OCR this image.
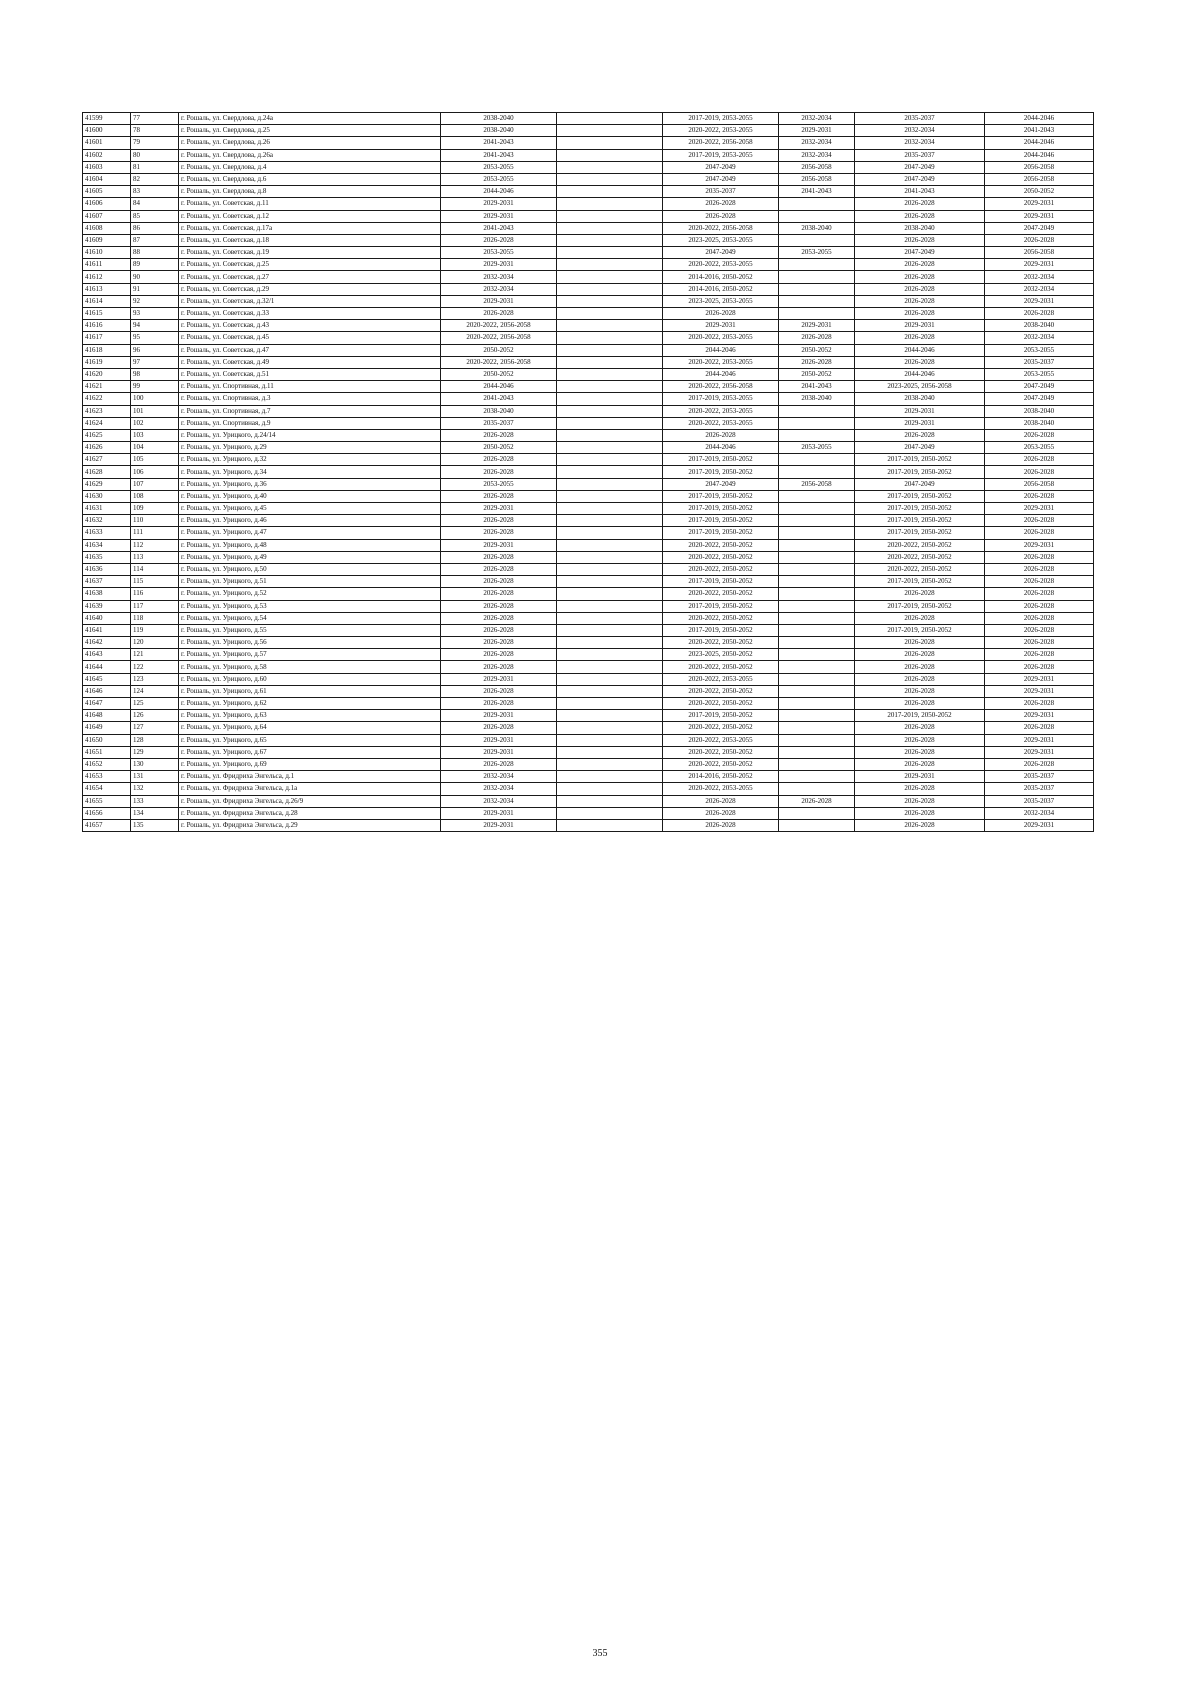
41599	77	г. Рошаль, ул. Свердлова, д.24а	2038-2040		2017-2019, 2053-2055	2032-2034	2035-2037	2044-2046
41600	78	г. Рошаль, ул. Свердлова, д.25	2038-2040		2020-2022, 2053-2055	2029-2031	2032-2034	2041-2043
41601	79	г. Рошаль, ул. Свердлова, д.26	2041-2043		2020-2022, 2056-2058	2032-2034	2032-2034	2044-2046
41602	80	г. Рошаль, ул. Свердлова, д.26а	2041-2043		2017-2019, 2053-2055	2032-2034	2035-2037	2044-2046
41603	81	г. Рошаль, ул. Свердлова, д.4	2053-2055		2047-2049	2056-2058	2047-2049	2056-2058
41604	82	г. Рошаль, ул. Свердлова, д.6	2053-2055		2047-2049	2056-2058	2047-2049	2056-2058
41605	83	г. Рошаль, ул. Свердлова, д.8	2044-2046		2035-2037	2041-2043	2041-2043	2050-2052
41606	84	г. Рошаль, ул. Советская, д.11	2029-2031		2026-2028		2026-2028	2029-2031
41607	85	г. Рошаль, ул. Советская, д.12	2029-2031		2026-2028		2026-2028	2029-2031
41608	86	г. Рошаль, ул. Советская, д.17а	2041-2043		2020-2022, 2056-2058	2038-2040	2038-2040	2047-2049
41609	87	г. Рошаль, ул. Советская, д.18	2026-2028		2023-2025, 2053-2055		2026-2028	2026-2028
41610	88	г. Рошаль, ул. Советская, д.19	2053-2055		2047-2049	2053-2055	2047-2049	2056-2058
41611	89	г. Рошаль, ул. Советская, д.25	2029-2031		2020-2022, 2053-2055		2026-2028	2029-2031
41612	90	г. Рошаль, ул. Советская, д.27	2032-2034		2014-2016, 2050-2052		2026-2028	2032-2034
41613	91	г. Рошаль, ул. Советская, д.29	2032-2034		2014-2016, 2050-2052		2026-2028	2032-2034
41614	92	г. Рошаль, ул. Советская, д.32/1	2029-2031		2023-2025, 2053-2055		2026-2028	2029-2031
41615	93	г. Рошаль, ул. Советская, д.33	2026-2028		2026-2028		2026-2028	2026-2028
41616	94	г. Рошаль, ул. Советская, д.43	2020-2022, 2056-2058		2029-2031	2029-2031	2029-2031	2038-2040
41617	95	г. Рошаль, ул. Советская, д.45	2020-2022, 2056-2058		2020-2022, 2053-2055	2026-2028	2026-2028	2032-2034
41618	96	г. Рошаль, ул. Советская, д.47	2050-2052		2044-2046	2050-2052	2044-2046	2053-2055
41619	97	г. Рошаль, ул. Советская, д.49	2020-2022, 2056-2058		2020-2022, 2053-2055	2026-2028	2026-2028	2035-2037
41620	98	г. Рошаль, ул. Советская, д.51	2050-2052		2044-2046	2050-2052	2044-2046	2053-2055
41621	99	г. Рошаль, ул. Спортивная, д.11	2044-2046		2020-2022, 2056-2058	2041-2043	2023-2025, 2056-2058	2047-2049
41622	100	г. Рошаль, ул. Спортивная, д.3	2041-2043		2017-2019, 2053-2055	2038-2040	2038-2040	2047-2049
41623	101	г. Рошаль, ул. Спортивная, д.7	2038-2040		2020-2022, 2053-2055		2029-2031	2038-2040
41624	102	г. Рошаль, ул. Спортивная, д.9	2035-2037		2020-2022, 2053-2055		2029-2031	2038-2040
41625	103	г. Рошаль, ул. Урицкого, д.24/14	2026-2028		2026-2028		2026-2028	2026-2028
41626	104	г. Рошаль, ул. Урицкого, д.29	2050-2052		2044-2046	2053-2055	2047-2049	2053-2055
41627	105	г. Рошаль, ул. Урицкого, д.32	2026-2028		2017-2019, 2050-2052		2017-2019, 2050-2052	2026-2028
41628	106	г. Рошаль, ул. Урицкого, д.34	2026-2028		2017-2019, 2050-2052		2017-2019, 2050-2052	2026-2028
41629	107	г. Рошаль, ул. Урицкого, д.36	2053-2055		2047-2049	2056-2058	2047-2049	2056-2058
41630	108	г. Рошаль, ул. Урицкого, д.40	2026-2028		2017-2019, 2050-2052		2017-2019, 2050-2052	2026-2028
41631	109	г. Рошаль, ул. Урицкого, д.45	2029-2031		2017-2019, 2050-2052		2017-2019, 2050-2052	2029-2031
41632	110	г. Рошаль, ул. Урицкого, д.46	2026-2028		2017-2019, 2050-2052		2017-2019, 2050-2052	2026-2028
41633	111	г. Рошаль, ул. Урицкого, д.47	2026-2028		2017-2019, 2050-2052		2017-2019, 2050-2052	2026-2028
41634	112	г. Рошаль, ул. Урицкого, д.48	2029-2031		2020-2022, 2050-2052		2020-2022, 2050-2052	2029-2031
41635	113	г. Рошаль, ул. Урицкого, д.49	2026-2028		2020-2022, 2050-2052		2020-2022, 2050-2052	2026-2028
41636	114	г. Рошаль, ул. Урицкого, д.50	2026-2028		2020-2022, 2050-2052		2020-2022, 2050-2052	2026-2028
41637	115	г. Рошаль, ул. Урицкого, д.51	2026-2028		2017-2019, 2050-2052		2017-2019, 2050-2052	2026-2028
41638	116	г. Рошаль, ул. Урицкого, д.52	2026-2028		2020-2022, 2050-2052		2026-2028	2026-2028
41639	117	г. Рошаль, ул. Урицкого, д.53	2026-2028		2017-2019, 2050-2052		2017-2019, 2050-2052	2026-2028
41640	118	г. Рошаль, ул. Урицкого, д.54	2026-2028		2020-2022, 2050-2052		2026-2028	2026-2028
41641	119	г. Рошаль, ул. Урицкого, д.55	2026-2028		2017-2019, 2050-2052		2017-2019, 2050-2052	2026-2028
41642	120	г. Рошаль, ул. Урицкого, д.56	2026-2028		2020-2022, 2050-2052		2026-2028	2026-2028
41643	121	г. Рошаль, ул. Урицкого, д.57	2026-2028		2023-2025, 2050-2052		2026-2028	2026-2028
41644	122	г. Рошаль, ул. Урицкого, д.58	2026-2028		2020-2022, 2050-2052		2026-2028	2026-2028
41645	123	г. Рошаль, ул. Урицкого, д.60	2029-2031		2020-2022, 2053-2055		2026-2028	2029-2031
41646	124	г. Рошаль, ул. Урицкого, д.61	2026-2028		2020-2022, 2050-2052		2026-2028	2029-2031
41647	125	г. Рошаль, ул. Урицкого, д.62	2026-2028		2020-2022, 2050-2052		2026-2028	2026-2028
41648	126	г. Рошаль, ул. Урицкого, д.63	2029-2031		2017-2019, 2050-2052		2017-2019, 2050-2052	2029-2031
41649	127	г. Рошаль, ул. Урицкого, д.64	2026-2028		2020-2022, 2050-2052		2026-2028	2026-2028
41650	128	г. Рошаль, ул. Урицкого, д.65	2029-2031		2020-2022, 2053-2055		2026-2028	2029-2031
41651	129	г. Рошаль, ул. Урицкого, д.67	2029-2031		2020-2022, 2050-2052		2026-2028	2029-2031
41652	130	г. Рошаль, ул. Урицкого, д.69	2026-2028		2020-2022, 2050-2052		2026-2028	2026-2028
41653	131	г. Рошаль, ул. Фридриха Энгельса, д.1	2032-2034		2014-2016, 2050-2052		2029-2031	2035-2037
41654	132	г. Рошаль, ул. Фридриха Энгельса, д.1а	2032-2034		2020-2022, 2053-2055		2026-2028	2035-2037
41655	133	г. Рошаль, ул. Фридриха Энгельса, д.26/9	2032-2034		2026-2028	2026-2028	2026-2028	2035-2037
41656	134	г. Рошаль, ул. Фридриха Энгельса, д.28	2029-2031		2026-2028		2026-2028	2032-2034
41657	135	г. Рошаль, ул. Фридриха Энгельса, д.29	2029-2031		2026-2028		2026-2028	2029-2031
355
